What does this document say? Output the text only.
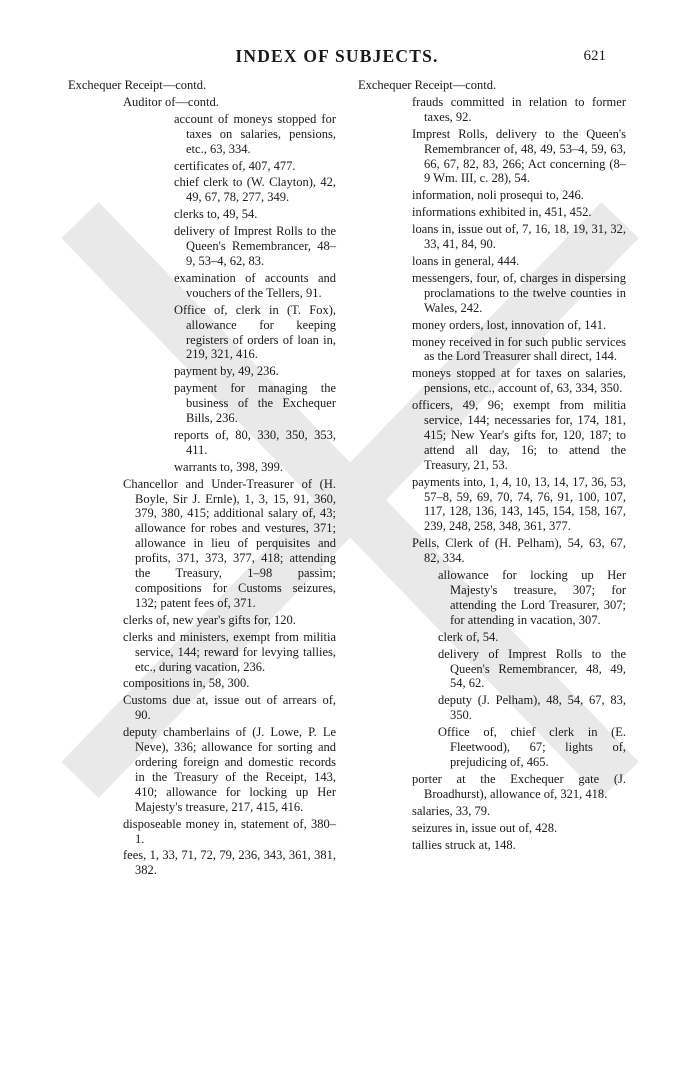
INDEX OF SUBJECTS.	621
Exchequer Receipt—contd.
Auditor of—contd.
account of moneys stopped for taxes on salaries, pensions, etc., 63, 334.
certificates of, 407, 477.
chief clerk to (W. Clayton), 42, 49, 67, 78, 277, 349.
clerks to, 49, 54.
delivery of Imprest Rolls to the Queen's Remembrancer, 48–9, 53–4, 62, 83.
examination of accounts and vouchers of the Tellers, 91.
Office of, clerk in (T. Fox), allowance for keeping registers of orders of loan in, 219, 321, 416.
payment by, 49, 236.
payment for managing the business of the Exchequer Bills, 236.
reports of, 80, 330, 350, 353, 411.
warrants to, 398, 399.
Chancellor and Under-Treasurer of (H. Boyle, Sir J. Ernle), 1, 3, 15, 91, 360, 379, 380, 415; additional salary of, 43; allowance for robes and vestures, 371; allowance in lieu of perquisites and profits, 371, 373, 377, 418; attending the Treasury, 1–98 passim; compositions for Customs seizures, 132; patent fees of, 371.
clerks of, new year's gifts for, 120.
clerks and ministers, exempt from militia service, 144; reward for levying tallies, etc., during vacation, 236.
compositions in, 58, 300.
Customs due at, issue out of arrears of, 90.
deputy chamberlains of (J. Lowe, P. Le Neve), 336; allowance for sorting and ordering foreign and domestic records in the Treasury of the Receipt, 143, 410; allowance for locking up Her Majesty's treasure, 217, 415, 416.
disposeable money in, statement of, 380–1.
fees, 1, 33, 71, 72, 79, 236, 343, 361, 381, 382.
Exchequer Receipt—contd.
frauds committed in relation to former taxes, 92.
Imprest Rolls, delivery to the Queen's Remembrancer of, 48, 49, 53–4, 59, 63, 66, 67, 82, 83, 266; Act concerning (8–9 Wm. III, c. 28), 54.
information, noli prosequi to, 246.
informations exhibited in, 451, 452.
loans in, issue out of, 7, 16, 18, 19, 31, 32, 33, 41, 84, 90.
loans in general, 444.
messengers, four, of, charges in dispersing proclamations to the twelve counties in Wales, 242.
money orders, lost, innovation of, 141.
money received in for such public services as the Lord Treasurer shall direct, 144.
moneys stopped at for taxes on salaries, pensions, etc., account of, 63, 334, 350.
officers, 49, 96; exempt from militia service, 144; necessaries for, 174, 181, 415; New Year's gifts for, 120, 187; to attend all day, 16; to attend the Treasury, 21, 53.
payments into, 1, 4, 10, 13, 14, 17, 36, 53, 57–8, 59, 69, 70, 74, 76, 91, 100, 107, 117, 128, 136, 143, 145, 154, 158, 167, 239, 248, 258, 348, 361, 377.
Pells, Clerk of (H. Pelham), 54, 63, 67, 82, 334.
allowance for locking up Her Majesty's treasure, 307; for attending the Lord Treasurer, 307; for attending in vacation, 307.
clerk of, 54.
delivery of Imprest Rolls to the Queen's Remembrancer, 48, 49, 54, 62.
deputy (J. Pelham), 48, 54, 67, 83, 350.
Office of, chief clerk in (E. Fleetwood), 67; lights of, prejudicing of, 465.
porter at the Exchequer gate (J. Broadhurst), allowance of, 321, 418.
salaries, 33, 79.
seizures in, issue out of, 428.
tallies struck at, 148.
